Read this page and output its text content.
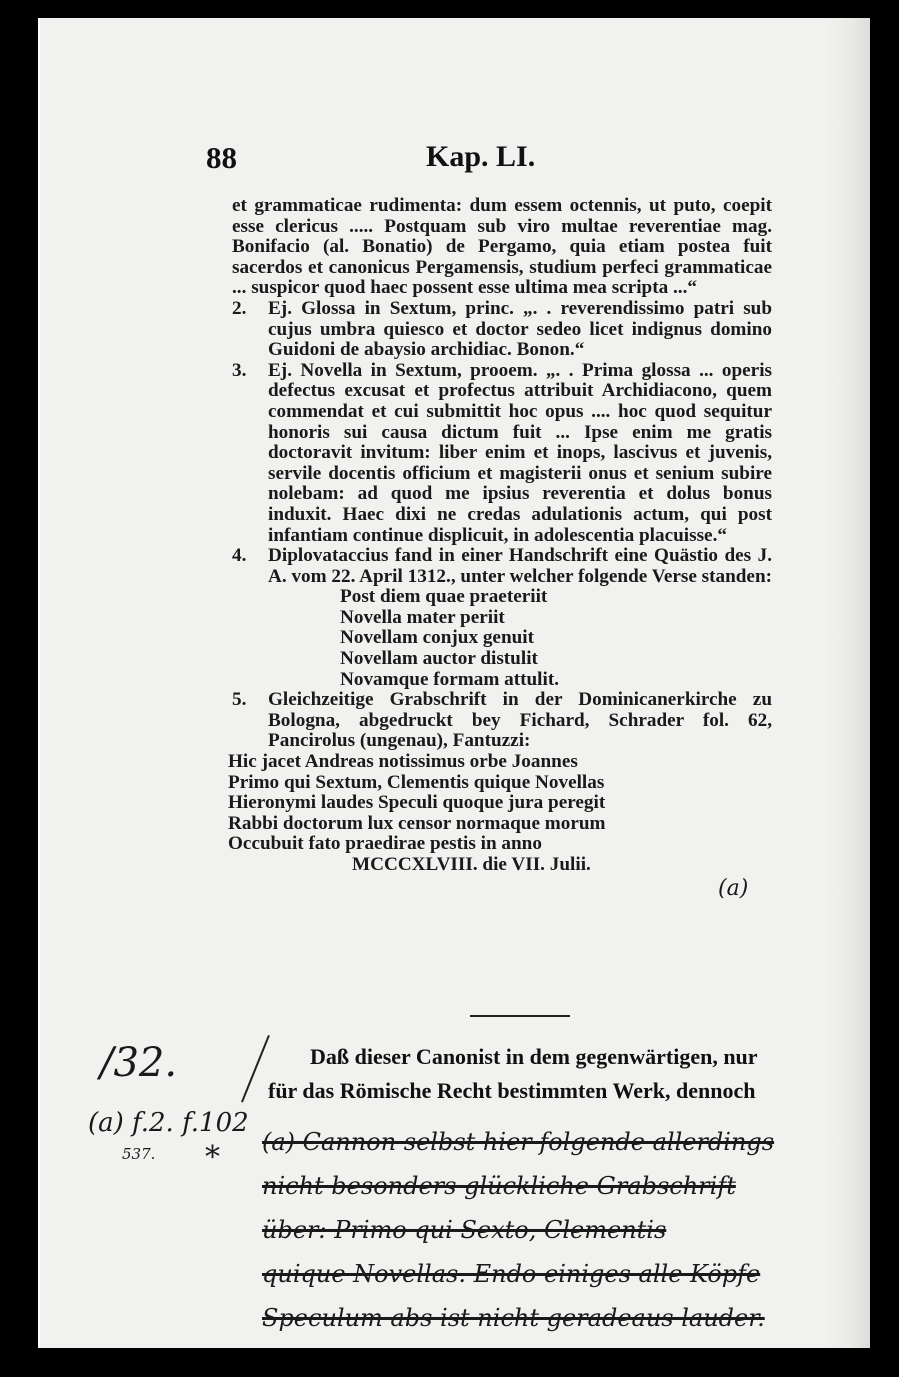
88	Kap. LI.

et grammaticae rudimenta: dum essem octennis, ut puto, coepit esse clericus ..... Postquam sub viro multae reverentiae mag. Bonifacio (al. Bonatio) de Pergamo, quia etiam postea fuit sacerdos et canonicus Pergamensis, studium perfeci grammaticae ... suspicor quod haec possent esse ultima mea scripta ...“

2. Ej. Glossa in Sextum, princ. „. . reverendissimo patri sub cujus umbra quiesco et doctor sedeo licet indignus domino Guidoni de abaysio archidiac. Bonon.“
3. Ej. Novella in Sextum, prooem. „. . Prima glossa ... operis defectus excusat et profectus attribuit Archidiacono, quem commendat et cui submittit hoc opus .... hoc quod sequitur honoris sui causa dictum fuit ... Ipse enim me gratis doctoravit invitum: liber enim et inops, lascivus et juvenis, servile docentis officium et magisterii onus et senium subire nolebam: ad quod me ipsius reverentia et dolus bonus induxit. Haec dixi ne credas adulationis actum, qui post infantiam continue displicuit, in adolescentia placuisse.“
4. Diplovataccius fand in einer Handschrift eine Quästio des J. A. vom 22. April 1312., unter welcher folgende Verse standen:
Post diem quae praeteriit
Novella mater periit
Novellam conjux genuit
Novellam auctor distulit
Novamque formam attulit.
5. Gleichzeitige Grabschrift in der Dominicanerkirche zu Bologna, abgedruckt bey Fichard, Schrader fol. 62, Pancirolus (ungenau), Fantuzzi:
Hic jacet Andreas notissimus orbe Joannes
Primo qui Sextum, Clementis quique Novellas
Hieronymi laudes Speculi quoque jura peregit
Rabbi doctorum lux censor normaque morum
Occubuit fato praedirae pestis in anno
MCCCXLVIII. die VII. Julii.
Daß dieser Canonist in dem gegenwärtigen, nur
für das Römische Recht bestimmten Werk, dennoch
/32.
(a) f.2. f.102
537. *
(a)
(a) Cannon selbst hier folgende allerdings
nicht besonders glückliche Grabschrift
über: Primo qui Sexto, Clementis
quique Novellas. Endo einiges alle Köpfe
Speculum abs ist nicht geradeaus lauder.
